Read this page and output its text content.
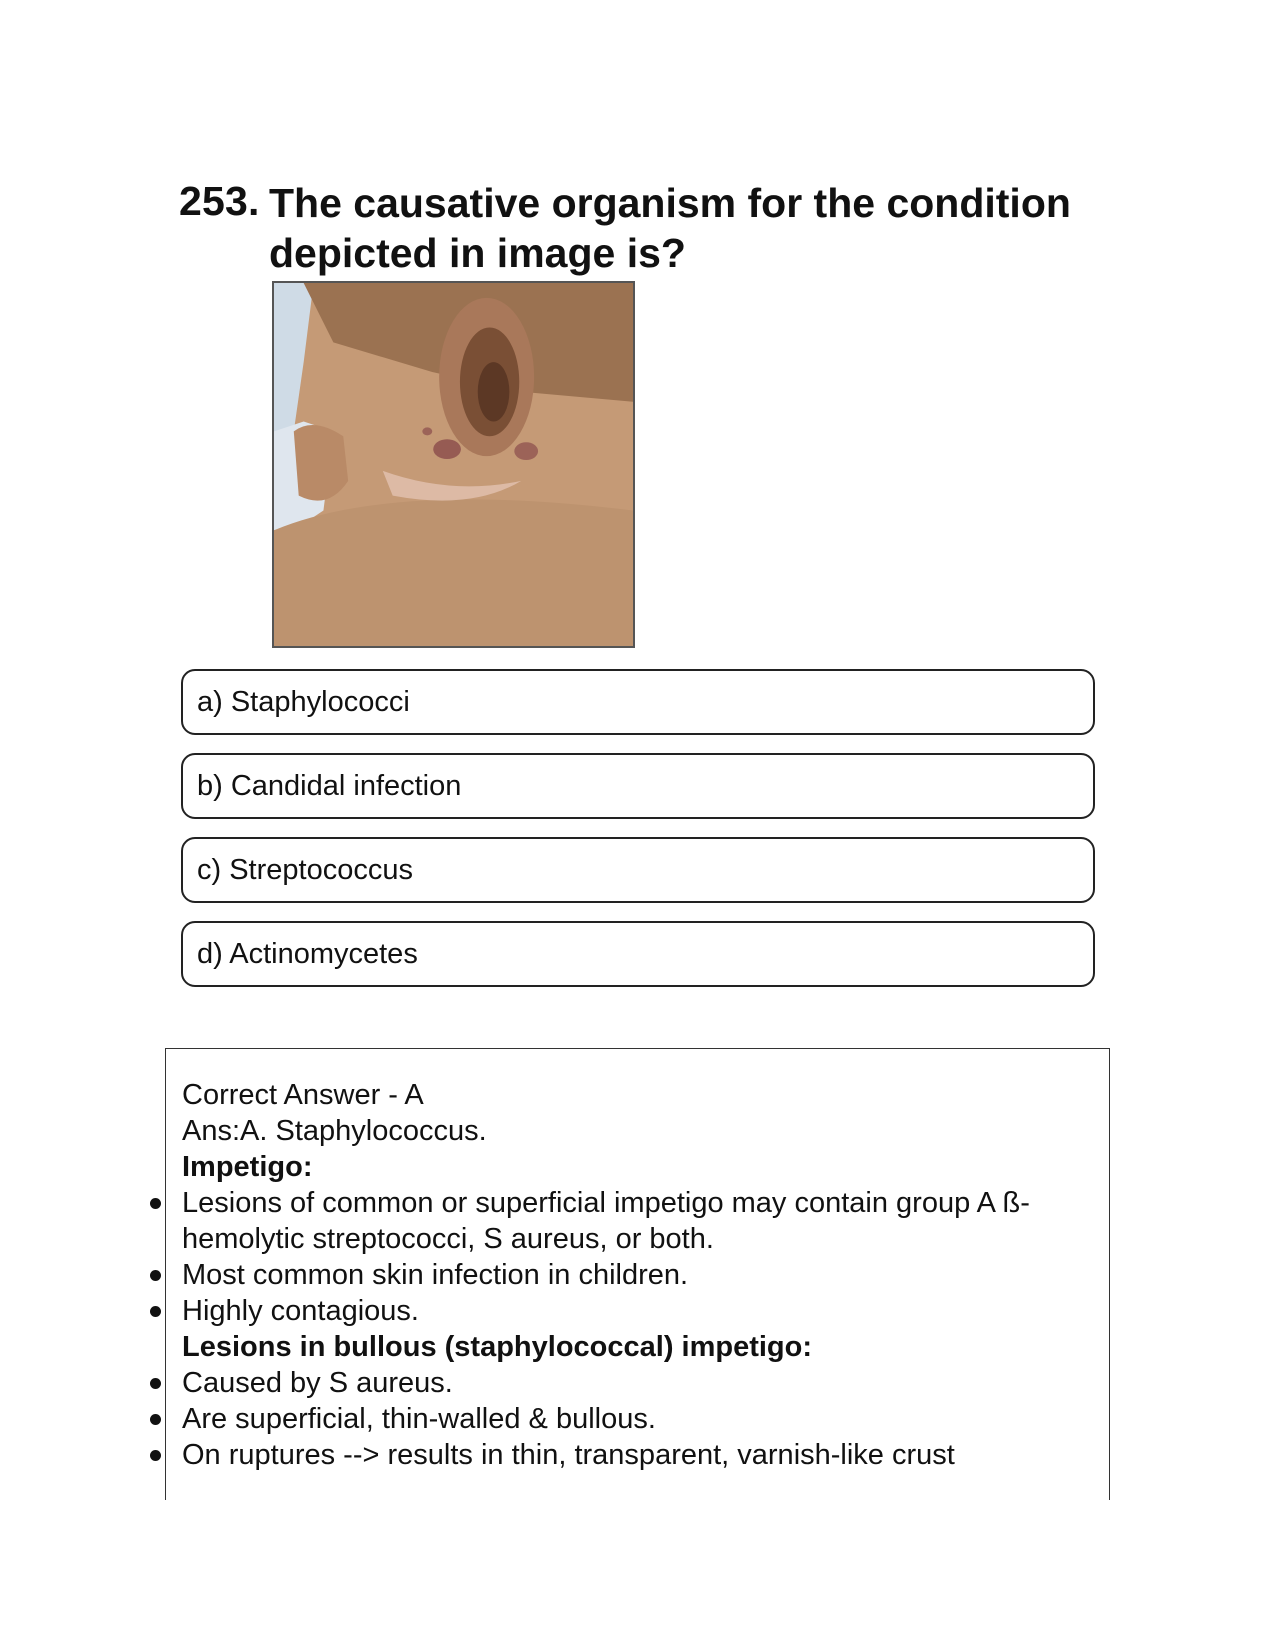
253. The causative organism for the condition depicted in image is?
a) Staphylococci
b) Candidal infection
c) Streptococcus
d) Actinomycetes
Correct Answer - A
Ans:A. Staphylococcus.
Impetigo:
Lesions of common or superficial impetigo may contain group A ß-
hemolytic streptococci, S aureus, or both.
Most common skin infection in children.
Highly contagious.
Lesions in bullous (staphylococcal) impetigo:
Caused by S aureus.
Are superficial, thin-walled & bullous.
On ruptures --> results in thin, transparent, varnish-like crust
